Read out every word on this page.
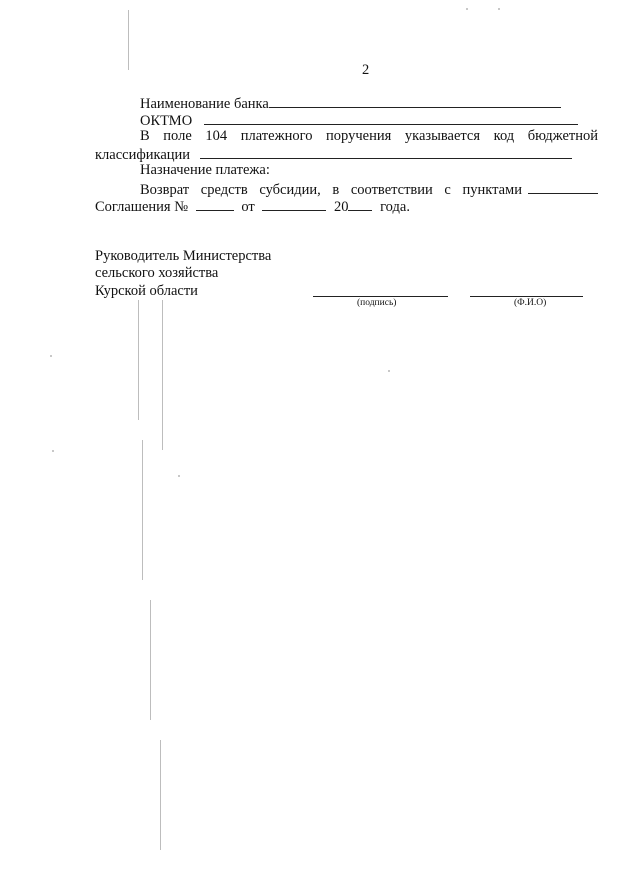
2
Наименование банка
ОКТМО
В поле 104 платежного поручения указывается код бюджетной
классификации
Назначение платежа:
Возврат средств субсидии, в соответствии с пунктами
Соглашения №	от	20 года.
Руководитель Министерства
сельского хозяйства
Курской области
(подпись)	(Ф.И.О)
